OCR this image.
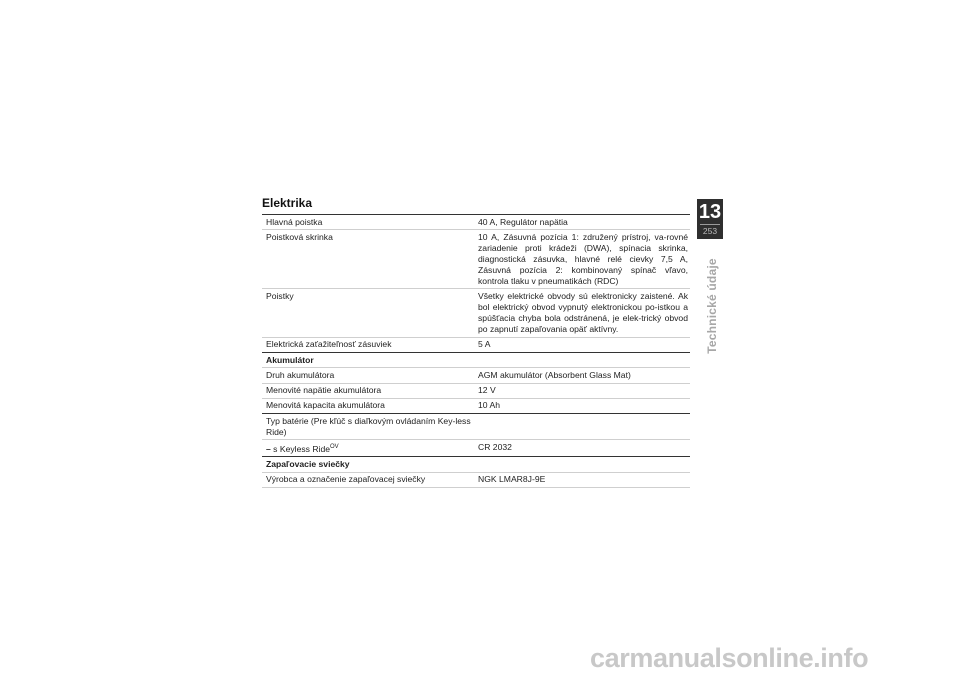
Elektrika
Hlavná poistka	40 A, Regulátor napätia
Poistková skrinka	10 A, Zásuvná pozícia 1: združený prístroj, va-rovné zariadenie proti krádeži (DWA), spínacia skrinka, diagnostická zásuvka, hlavné relé cievky 7,5 A, Zásuvná pozícia 2: kombinovaný spínač vľavo, kontrola tlaku v pneumatikách (RDC)
Poistky	Všetky elektrické obvody sú elektronicky zaistené. Ak bol elektrický obvod vypnutý elektronickou po-istkou a spúšťacia chyba bola odstránená, je elek-trický obvod po zapnutí zapaľovania opäť aktívny.
Elektrická zaťažiteľnosť zásuviek	5 A
Akumulátor	
Druh akumulátora	AGM akumulátor (Absorbent Glass Mat)
Menovité napätie akumulátora	12 V
Menovitá kapacita akumulátora	10 Ah
Typ batérie (Pre kľúč s diaľkovým ovládaním Key-less Ride)	
– s Keyless Ride$^{OV}$	CR 2032
Zapaľovacie sviečky	
Výrobca a označenie zapaľovacej sviečky	NGK LMAR8J-9E
13
253
Technické údaje
carmanualsonline.info
